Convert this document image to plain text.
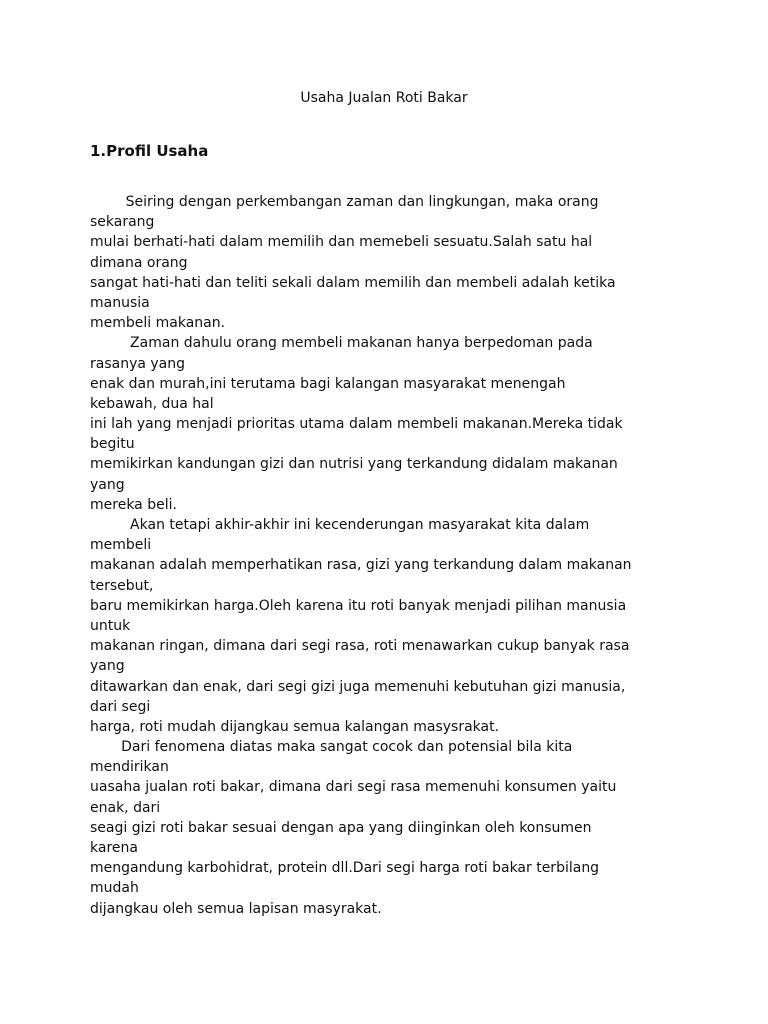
Usaha Jualan Roti Bakar
1.Profil Usaha
Seiring dengan perkembangan zaman dan lingkungan, maka orang
sekarang
mulai berhati-hati dalam memilih dan memebeli sesuatu.Salah satu hal
dimana orang
sangat hati-hati dan teliti sekali dalam memilih dan membeli adalah ketika
manusia
membeli makanan.
Zaman dahulu orang membeli makanan hanya berpedoman pada
rasanya yang
enak dan murah,ini terutama bagi kalangan masyarakat menengah
kebawah, dua hal
ini lah yang menjadi prioritas utama dalam membeli makanan.Mereka tidak
begitu
memikirkan kandungan gizi dan nutrisi yang terkandung didalam makanan
yang
mereka beli.
Akan tetapi akhir-akhir ini kecenderungan masyarakat kita dalam
membeli
makanan adalah memperhatikan rasa, gizi yang terkandung dalam makanan
tersebut,
baru memikirkan harga.Oleh karena itu roti banyak menjadi pilihan manusia
untuk
makanan ringan, dimana dari segi rasa, roti menawarkan cukup banyak rasa
yang
ditawarkan dan enak, dari segi gizi juga memenuhi kebutuhan gizi manusia,
dari segi
harga, roti mudah dijangkau semua kalangan masysrakat.
Dari fenomena diatas maka sangat cocok dan potensial bila kita
mendirikan
uasaha jualan roti bakar, dimana dari segi rasa memenuhi konsumen yaitu
enak, dari
seagi gizi roti bakar sesuai dengan apa yang diinginkan oleh konsumen
karena
mengandung karbohidrat, protein dll.Dari segi harga roti bakar terbilang
mudah
dijangkau oleh semua lapisan masyrakat.
